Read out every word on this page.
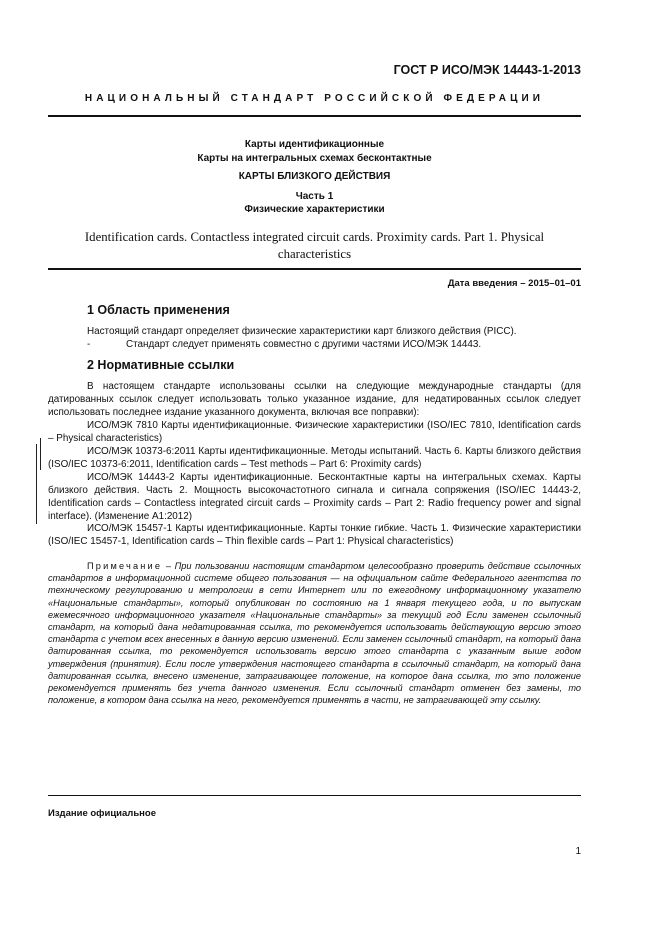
ГОСТ Р ИСО/МЭК 14443-1-2013
НАЦИОНАЛЬНЫЙ СТАНДАРТ РОССИЙСКОЙ ФЕДЕРАЦИИ
Карты идентификационные
Карты на интегральных схемах бесконтактные
КАРТЫ БЛИЗКОГО ДЕЙСТВИЯ
Часть 1
Физические характеристики
Identification cards. Contactless integrated circuit cards. Proximity cards. Part 1. Physical characteristics
Дата введения – 2015–01–01
1 Область применения
Настоящий стандарт определяет физические характеристики карт близкого действия (PICC).
-	Стандарт следует применять совместно с другими частями ИСО/МЭК 14443.
2 Нормативные ссылки
В настоящем стандарте использованы ссылки на следующие международные стандарты (для датированных ссылок следует использовать только указанное издание, для недатированных ссылок следует использовать последнее издание указанного документа, включая все поправки):
ИСО/МЭК 7810 Карты идентификационные. Физические характеристики (ISO/IEC 7810, Identification cards – Physical characteristics)
ИСО/МЭК 10373-6:2011 Карты идентификационные. Методы испытаний. Часть 6. Карты близкого действия (ISO/IEC 10373-6:2011, Identification cards – Test methods – Part 6: Proximity cards)
ИСО/МЭК 14443-2 Карты идентификационные. Бесконтактные карты на интегральных схемах. Карты близкого действия. Часть 2. Мощность высокочастотного сигнала и сигнала сопряжения (ISO/IEC 14443-2, Identification cards – Contactless integrated circuit cards – Proximity cards – Part 2: Radio frequency power and signal interface). (Изменение A1:2012)
ИСО/МЭК 15457-1 Карты идентификационные. Карты тонкие гибкие. Часть 1. Физические характеристики (ISO/IEC 15457-1, Identification cards – Thin flexible cards – Part 1: Physical characteristics)
Примечание – При пользовании настоящим стандартом целесообразно проверить действие ссылочных стандартов в информационной системе общего пользования — на официальном сайте Федерального агентства по техническому регулированию и метрологии в сети Интернет или по ежегодному информационному указателю «Национальные стандарты», который опубликован по состоянию на 1 января текущего года, и по выпускам ежемесячного информационного указателя «Национальные стандарты» за текущий год Если заменен ссылочный стандарт, на который дана недатированная ссылка, то рекомендуется использовать действующую версию этого стандарта с учетом всех внесенных в данную версию изменений. Если заменен ссылочный стандарт, на который дана датированная ссылка, то рекомендуется использовать версию этого стандарта с указанным выше годом утверждения (принятия). Если после утверждения настоящего стандарта в ссылочный стандарт, на который дана датированная ссылка, внесено изменение, затрагивающее положение, на которое дана ссылка, то это положение рекомендуется применять без учета данного изменения. Если ссылочный стандарт отменен без замены, то положение, в котором дана ссылка на него, рекомендуется применять в части, не затрагивающей эту ссылку.
Издание официальное
1
